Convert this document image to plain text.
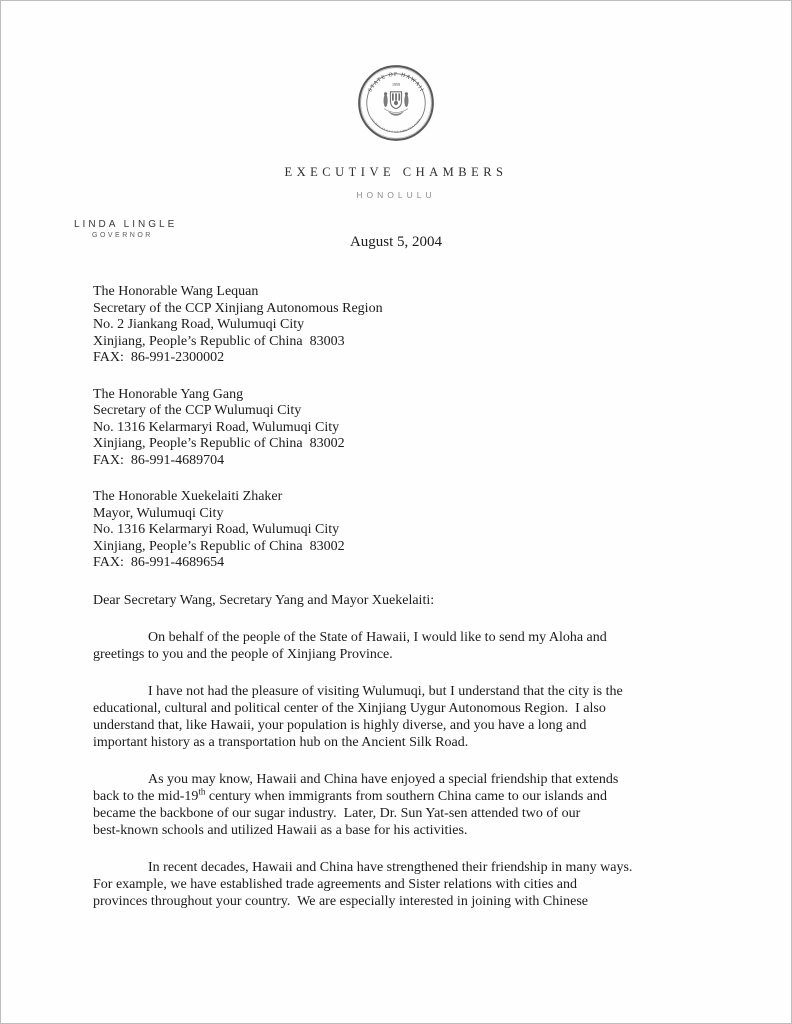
STATE OF HAWAII
1959
UA MAU KE EA O KA AINA I KA PONO
EXECUTIVE CHAMBERS
HONOLULU
LINDA LINGLE
GOVERNOR	August 5, 2004
The Honorable Wang Lequan
Secretary of the CCP Xinjiang Autonomous Region
No. 2 Jiankang Road, Wulumuqi City
Xinjiang, People’s Republic of China  83003
FAX:  86-991-2300002
The Honorable Yang Gang
Secretary of the CCP Wulumuqi City
No. 1316 Kelarmaryi Road, Wulumuqi City
Xinjiang, People’s Republic of China  83002
FAX:  86-991-4689704
The Honorable Xuekelaiti Zhaker
Mayor, Wulumuqi City
No. 1316 Kelarmaryi Road, Wulumuqi City
Xinjiang, People’s Republic of China  83002
FAX:  86-991-4689654
Dear Secretary Wang, Secretary Yang and Mayor Xuekelaiti:
On behalf of the people of the State of Hawaii, I would like to send my Aloha and
greetings to you and the people of Xinjiang Province.
I have not had the pleasure of visiting Wulumuqi, but I understand that the city is the
educational, cultural and political center of the Xinjiang Uygur Autonomous Region.  I also
understand that, like Hawaii, your population is highly diverse, and you have a long and
important history as a transportation hub on the Ancient Silk Road.
As you may know, Hawaii and China have enjoyed a special friendship that extends
back to the mid-19th century when immigrants from southern China came to our islands and
became the backbone of our sugar industry.  Later, Dr. Sun Yat-sen attended two of our
best-known schools and utilized Hawaii as a base for his activities.
In recent decades, Hawaii and China have strengthened their friendship in many ways.
For example, we have established trade agreements and Sister relations with cities and
provinces throughout your country.  We are especially interested in joining with Chinese
